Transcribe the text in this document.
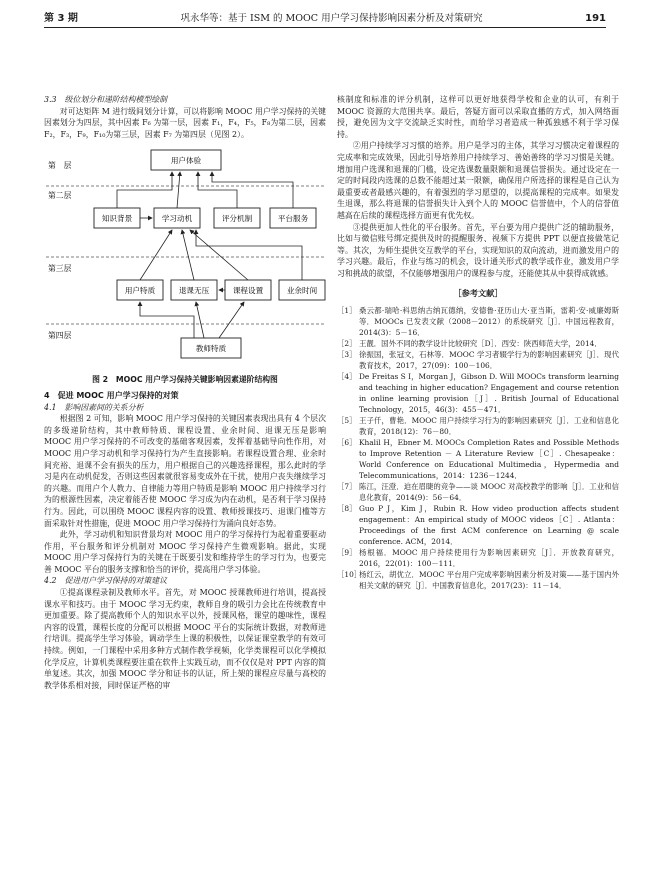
第 3 期	巩永华等：基于 ISM 的 MOOC 用户学习保持影响因素分析及对策研究	191

3.3　级位划分和递阶结构模型绘制

对可达矩阵 M 进行级间划分计算，可以将影响 MOOC 用户学习保持的关键因素划分为四层，其中因素 F₆ 为第一层，因素 F₁，F₄，F₅，F₈为第二层，因素 F₂，F₃，F₉，F₁₀为第三层，因素 F₇ 为第四层（见图 2）。

第　层
第二层
第三层
第四层
用户体验
知识背景	学习动机	评分机制	平台服务
用户特质	退课无压	课程设置	业余时间
教师特质

图 2　MOOC 用户学习保持关键影响因素递阶结构图

4　促进 MOOC 用户学习保持的对策

4.1　影响因素间的关系分析

根据图 2 可知，影响 MOOC 用户学习保持的关键因素表现出具有 4 个层次的多级递阶结构，其中教师特质、课程设置、业余时间、退课无压是影响 MOOC 用户学习保持的不可改变的基础客观因素，发挥着基础导向性作用，对 MOOC 用户学习动机和学习保持行为产生直接影响。若课程设置合理、业余时间充裕、退课不会有损失的压力，用户根据自己的兴趣选择课程，那么此时的学习是内在动机促发，否则这些因素就很容易变成外在干扰，使用户丧失继续学习的兴趣。而用户个人教力、自律能力等用户特质是影响 MOOC 用户持续学习行为的根源性因素，决定着能否使 MOOC 学习成为内在动机，是否利于学习保持行为。因此，可以围绕 MOOC 课程内容的设置、教师授课技巧、退课门槛等方面采取针对性措施，促进 MOOC 用户学习保持行为涌向良好态势。

此外，学习动机和知识背景均对 MOOC 用户的学习保持行为起着重要驱动作用，平台服务和评分机制对 MOOC 学习保持产生微观影响。据此，实现 MOOC 用户学习保持行为的关键在于既要引发和维持学生的学习行为，也要完善 MOOC 平台的服务支撑和恰当的评价，提高用户学习体验。

4.2　促进用户学习保持的对策建议

①提高课程录制及教师水平。首先，对 MOOC 授课教师进行培训，提高授课水平和技巧。由于 MOOC 学习无约束，教师自身的吸引力会比在传统教育中更加重要。除了提高教师个人的知识水平以外，授课风格，课堂的趣味性，课程内容的设置，课程长度的分配可以根据 MOOC 平台的实际统计数据，对教师进行培训。提高学生学习体验，调动学生上课的积极性，以保证课堂教学的有效可持续。例如，一门课程中采用多种方式制作教学视频，化学类课程可以化学模拟化学反应，计算机类课程要注重在软件上实践互动，而不仅仅是对 PPT 内容的简单复述。其次，加强 MOOC 学分和证书的认证，所上架的课程应尽量与高校的教学体系相对接，同时保证严格的审

核制度和标准的评分机制，这样可以更好地获得学校和企业的认可，有利于 MOOC 资源的大范围共享。最后，答疑方面可以采取直播的方式，加入网络面授，避免因为文字交流缺乏实时性，而给学习者造成一种孤独感不利于学习保持。

②用户持续学习习惯的培养。用户是学习的主体，其学习习惯决定着课程的完成率和完成效果，因此引导培养用户持续学习、善始善终的学习习惯是关键。增加用户选课和退课的门槛，设定选课数量限额和退课信誉损失。通过设定在一定的时间段内选课的总数不能超过某一限额，确保用户所选择的课程是自己认为最重要或者最感兴趣的，有着强烈的学习愿望的，以提高课程的完成率。如果发生退课，那么将退课的信誉损失计入到个人的 MOOC 信誉值中，个人的信誉值越高在后续的课程选择方面更有优先权。

③提供更加人性化的平台服务。首先，平台要为用户提供广泛的辅助服务，比如与微信账号绑定提供及时的提醒服务、视频下方提供 PPT 以便直接做笔记等。其次，为师生提供交互教学的平台，实现知识的双向流动，进而激发用户的学习兴趣。最后，作业与练习的机会，设计通关形式的教学或作业，激发用户学习和挑战的欲望，不仅能够增强用户的课程参与度，还能使其从中获得成就感。

［参考文献］

［1］ 桑云都·瑞哈·科思纳古纳瓦德纳，安德鲁·亚历山大·亚当斯，雷莉·安·威廉姆斯等．MOOCs 已发表文献（2008－2012）的系统研究［J］．中国远程教育，2014(3)：5－16．
［2］ 王靓．国外不同的教学设计比较研究［D］．西安：陕西师范大学，2014．
［3］ 徐振国，张冠文，石林等．MOOC 学习者辍学行为的影响因素研究［J］．现代教育技术，2017，27(09)：100－106．
［4］ De Freitas S I，Morgan J，Gibson D. Will MOOCs transform learning and teaching in higher education? Engagement and course retention in online learning provision［J］. British Journal of Educational Technology，2015，46(3)：455－471．
［5］ 王子仟，曹艳．MOOC 用户持续学习行为的影响因素研究［J］．工业和信息化教育，2018(12)：76－80．
［6］ Khalil H，Ebner M. MOOCs Completion Rates and Possible Methods to Improve Retention － A Literature Review［C］. Chesapeake：World Conference on Educational Multimedia，Hypermedia and Telecommunications，2014：1236－1244．
［7］ 陈江，汪澄．迫在眉睫的竞争——谈 MOOC 对高校教学的影响［J］．工业和信息化教育，2014(9)：56－64．
［8］ Guo P J，Kim J，Rubin R. How video production affects student engagement：An empirical study of MOOC videos［C］. Atlanta：Proceedings of the first ACM conference on Learning @ scale conference. ACM，2014．
［9］ 杨根福．MOOC 用户持续使用行为影响因素研究［J］．开放教育研究，2016，22(01)：100－111．
［10］
杨红云，胡优立．MOOC 平台用户完成率影响因素分析及对策——基于国内外相关文献的研究［J］．中国教育信息化，2017(23)：11－14．
